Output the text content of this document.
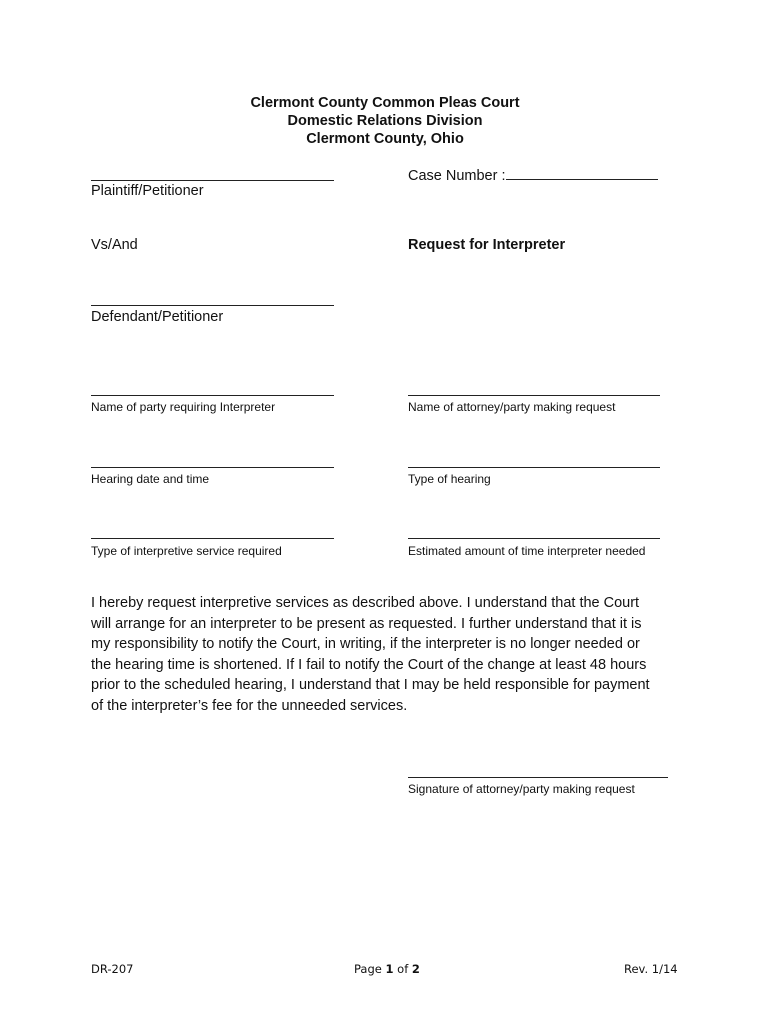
Clermont County Common Pleas Court
Domestic Relations Division
Clermont County, Ohio
Plaintiff/Petitioner
Vs/And
Defendant/Petitioner
Case Number :
Request for Interpreter
Name of party requiring Interpreter	Name of attorney/party making request
Hearing date and time	Type of hearing
Type of interpretive service required	Estimated amount of time interpreter needed
I hereby request interpretive services as described above. I understand that the Court
will arrange for an interpreter to be present as requested. I further understand that it is
my responsibility to notify the Court, in writing, if the interpreter is no longer needed or
the hearing time is shortened. If I fail to notify the Court of the change at least 48 hours
prior to the scheduled hearing, I understand that I may be held responsible for payment
of the interpreter’s fee for the unneeded services.
Signature of attorney/party making request
DR-207	Page 1 of 2	Rev. 1/14
